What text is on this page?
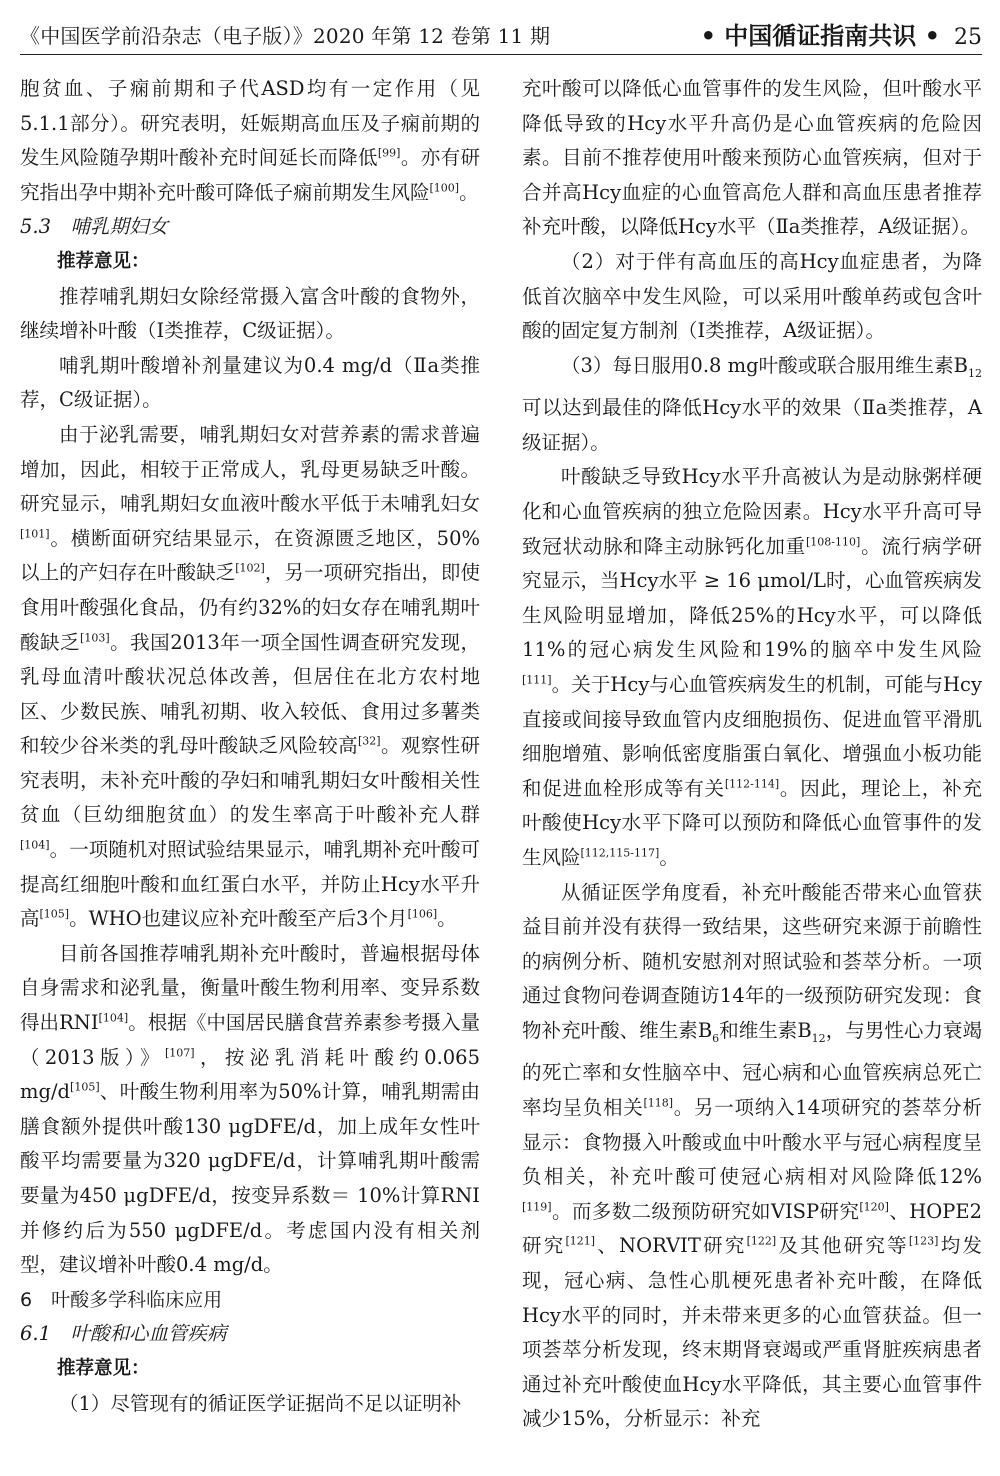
《中国医学前沿杂志（电子版）》2020 年第 12 卷第 11 期	• 中国循证指南共识 • 25

胞贫血、子痫前期和子代ASD均有一定作用（见5.1.1部分）。研究表明，妊娠期高血压及子痫前期的发生风险随孕期叶酸补充时间延长而降低[99]。亦有研究指出孕中期补充叶酸可降低子痫前期发生风险[100]。

5.3　哺乳期妇女

推荐意见：

推荐哺乳期妇女除经常摄入富含叶酸的食物外，继续增补叶酸（Ⅰ类推荐，C级证据）。

哺乳期叶酸增补剂量建议为0.4 mg/d（Ⅱa类推荐，C级证据）。

由于泌乳需要，哺乳期妇女对营养素的需求普遍增加，因此，相较于正常成人，乳母更易缺乏叶酸。研究显示，哺乳期妇女血液叶酸水平低于未哺乳妇女[101]。横断面研究结果显示，在资源匮乏地区，50%以上的产妇存在叶酸缺乏[102]，另一项研究指出，即使食用叶酸强化食品，仍有约32%的妇女存在哺乳期叶酸缺乏[103]。我国2013年一项全国性调查研究发现，乳母血清叶酸状况总体改善，但居住在北方农村地区、少数民族、哺乳初期、收入较低、食用过多薯类和较少谷米类的乳母叶酸缺乏风险较高[32]。观察性研究表明，未补充叶酸的孕妇和哺乳期妇女叶酸相关性贫血（巨幼细胞贫血）的发生率高于叶酸补充人群[104]。一项随机对照试验结果显示，哺乳期补充叶酸可提高红细胞叶酸和血红蛋白水平，并防止Hcy水平升高[105]。WHO也建议应补充叶酸至产后3个月[106]。

目前各国推荐哺乳期补充叶酸时，普遍根据母体自身需求和泌乳量，衡量叶酸生物利用率、变异系数得出RNI[104]。根据《中国居民膳食营养素参考摄入量（2013版）》[107]，按泌乳消耗叶酸约0.065 mg/d[105]、叶酸生物利用率为50%计算，哺乳期需由膳食额外提供叶酸130 μgDFE/d，加上成年女性叶酸平均需要量为320 μgDFE/d，计算哺乳期叶酸需要量为450 μgDFE/d，按变异系数＝ 10%计算RNI并修约后为550 μgDFE/d。考虑国内没有相关剂型，建议增补叶酸0.4 mg/d。

6　叶酸多学科临床应用

6.1　叶酸和心血管疾病

推荐意见：

（1）尽管现有的循证医学证据尚不足以证明补

充叶酸可以降低心血管事件的发生风险，但叶酸水平降低导致的Hcy水平升高仍是心血管疾病的危险因素。目前不推荐使用叶酸来预防心血管疾病，但对于合并高Hcy血症的心血管高危人群和高血压患者推荐补充叶酸，以降低Hcy水平（Ⅱa类推荐，A级证据）。

（2）对于伴有高血压的高Hcy血症患者，为降低首次脑卒中发生风险，可以采用叶酸单药或包含叶酸的固定复方制剂（Ⅰ类推荐，A级证据）。

（3）每日服用0.8 mg叶酸或联合服用维生素$B_{12}$可以达到最佳的降低Hcy水平的效果（Ⅱa类推荐，A级证据）。

叶酸缺乏导致Hcy水平升高被认为是动脉粥样硬化和心血管疾病的独立危险因素。Hcy水平升高可导致冠状动脉和降主动脉钙化加重[108-110]。流行病学研究显示，当Hcy水平 ≥ 16 μmol/L时，心血管疾病发生风险明显增加，降低25%的Hcy水平，可以降低11%的冠心病发生风险和19%的脑卒中发生风险[111]。关于Hcy与心血管疾病发生的机制，可能与Hcy直接或间接导致血管内皮细胞损伤、促进血管平滑肌细胞增殖、影响低密度脂蛋白氧化、增强血小板功能和促进血栓形成等有关[112-114]。因此，理论上，补充叶酸使Hcy水平下降可以预防和降低心血管事件的发生风险[112,115-117]。

从循证医学角度看，补充叶酸能否带来心血管获益目前并没有获得一致结果，这些研究来源于前瞻性的病例分析、随机安慰剂对照试验和荟萃分析。一项通过食物问卷调查随访14年的一级预防研究发现：食物补充叶酸、维生素$B_6$和维生素$B_{12}$，与男性心力衰竭的死亡率和女性脑卒中、冠心病和心血管疾病总死亡率均呈负相关[118]。另一项纳入14项研究的荟萃分析显示：食物摄入叶酸或血中叶酸水平与冠心病程度呈负相关，补充叶酸可使冠心病相对风险降低12%[119]。而多数二级预防研究如VISP研究[120]、HOPE2研究[121]、NORVIT研究[122]及其他研究等[123]均发现，冠心病、急性心肌梗死患者补充叶酸，在降低Hcy水平的同时，并未带来更多的心血管获益。但一项荟萃分析发现，终末期肾衰竭或严重肾脏疾病患者通过补充叶酸使血Hcy水平降低，其主要心血管事件减少15%，分析显示：补充
